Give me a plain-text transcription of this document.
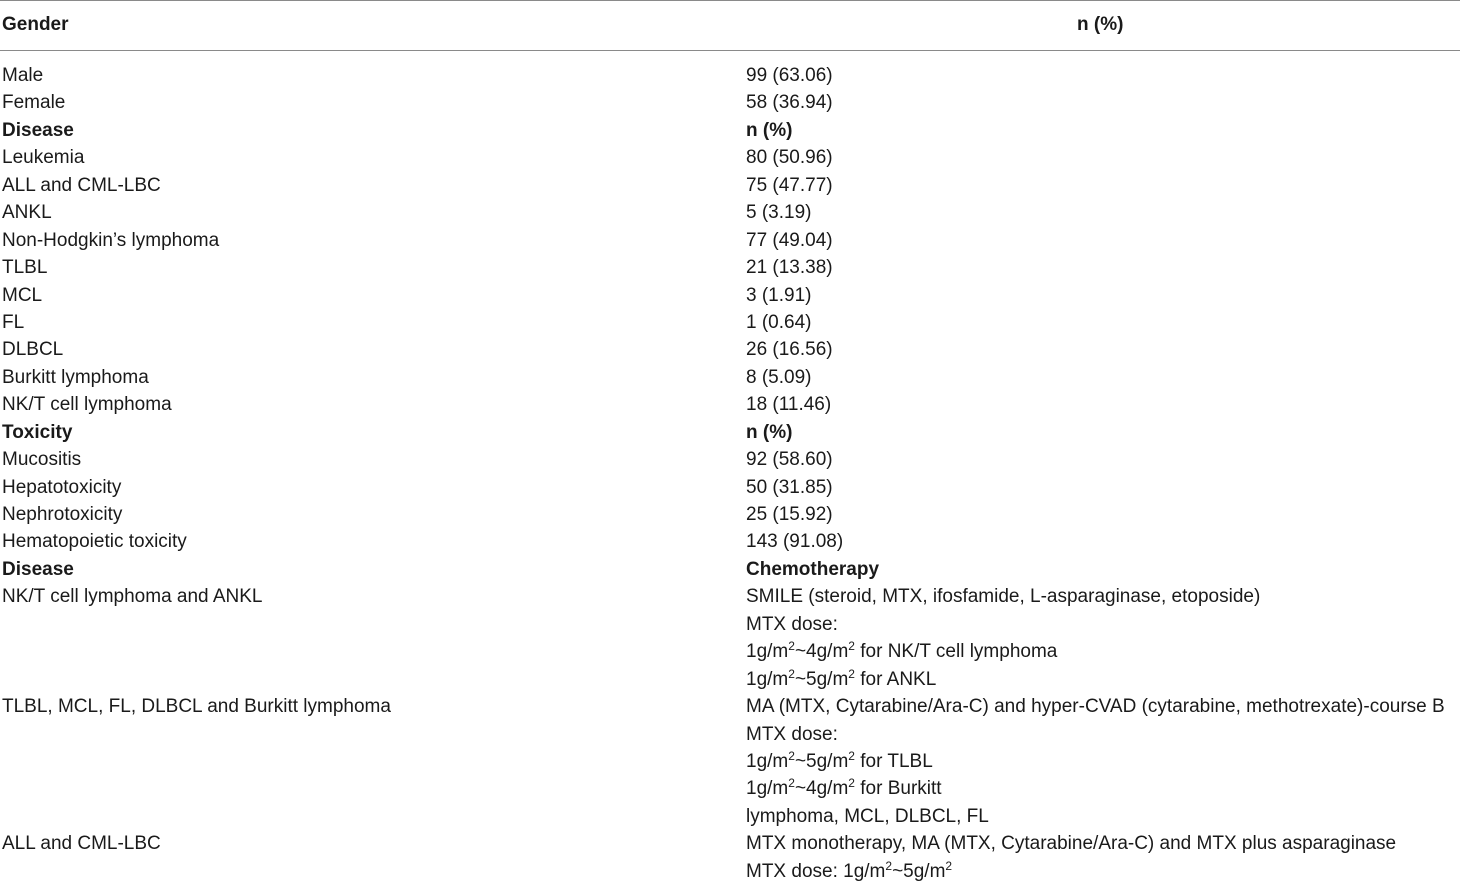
Gender	n (%)
Male	99 (63.06)
Female	58 (36.94)
Disease	n (%)
Leukemia	80 (50.96)
ALL and CML-LBC	75 (47.77)
ANKL	5 (3.19)
Non-Hodgkin’s lymphoma	77 (49.04)
TLBL	21 (13.38)
MCL	3 (1.91)
FL	1 (0.64)
DLBCL	26 (16.56)
Burkitt lymphoma	8 (5.09)
NK/T cell lymphoma	18 (11.46)
Toxicity	n (%)
Mucositis	92 (58.60)
Hepatotoxicity	50 (31.85)
Nephrotoxicity	25 (15.92)
Hematopoietic toxicity	143 (91.08)
Disease	Chemotherapy
NK/T cell lymphoma and ANKL	SMILE (steroid, MTX, ifosfamide, L-asparaginase, etoposide)
MTX dose:
$1g/m^2\sim 4g/m^2$ for NK/T cell lymphoma
$1g/m^2\sim 5g/m^2$ for ANKL
TLBL, MCL, FL, DLBCL and Burkitt lymphoma	MA (MTX, Cytarabine/Ara-C) and hyper-CVAD (cytarabine, methotrexate)-course B
MTX dose:
$1g/m^2\sim 5g/m^2$ for TLBL
$1g/m^2\sim 4g/m^2$ for Burkitt
lymphoma, MCL, DLBCL, FL
ALL and CML-LBC	MTX monotherapy, MA (MTX, Cytarabine/Ara-C) and MTX plus asparaginase
MTX dose: $1g/m^2\sim 5g/m^2$
